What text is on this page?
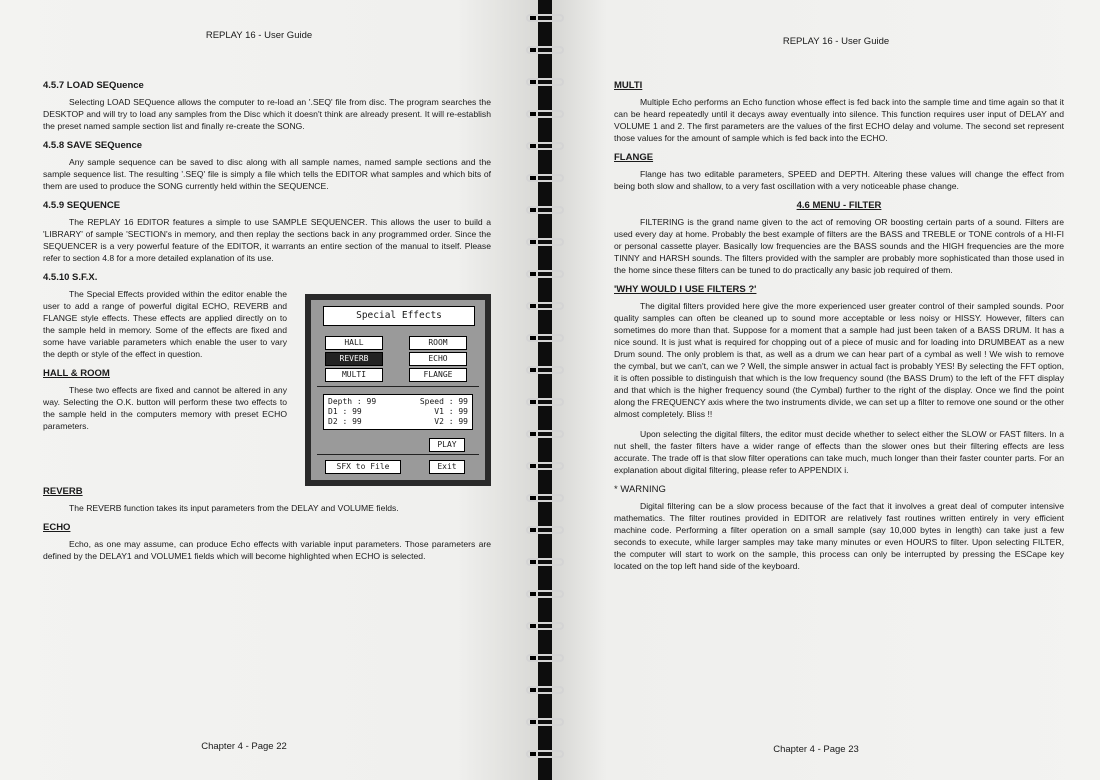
REPLAY 16 - User Guide
4.5.7 LOAD SEQuence

Selecting LOAD SEQuence allows the computer to re-load an '.SEQ' file from disc. The program searches the DESKTOP and will try to load any samples from the Disc which it doesn't think are already present. It will re-establish the preset named sample section list and finally re-create the SONG.

4.5.8 SAVE SEQuence

Any sample sequence can be saved to disc along with all sample names, named sample sections and the sample sequence list. The resulting '.SEQ' file is simply a file which tells the EDITOR what samples and which bits of them are used to produce the SONG currently held within the SEQUENCE.

4.5.9 SEQUENCE

The REPLAY 16 EDITOR features a simple to use SAMPLE SEQUENCER. This allows the user to build a 'LIBRARY' of sample 'SECTION's in memory, and then replay the sections back in any programmed order. Since the SEQUENCER is a very powerful feature of the EDITOR, it warrants an entire section of the manual to itself. Please refer to section 4.8 for a more detailed explanation of its use.

4.5.10 S.F.X.

The Special Effects provided within the editor enable the user to add a range of powerful digital ECHO, REVERB and FLANGE style effects. These effects are applied directly on to the sample held in memory. Some of the effects are fixed and some have variable parameters which enable the user to vary the depth or style of the effect in question.

HALL & ROOM

These two effects are fixed and cannot be altered in any way. Selecting the O.K. button will perform these two effects to the sample held in the computers memory with preset ECHO parameters.

Special Effects
HALL	ROOM
REVERB	ECHO
MULTI	FLANGE
Depth : 99	Speed : 99
D1 : 99	V1 : 99
D2 : 99	V2 : 99
PLAY
SFX to File	Exit
REVERB

The REVERB function takes its input parameters from the DELAY and VOLUME fields.

ECHO

Echo, as one may assume, can produce Echo effects with variable input parameters. Those parameters are defined by the DELAY1 and VOLUME1 fields which will become highlighted when ECHO is selected.

Chapter 4 - Page 22
REPLAY 16 - User Guide
MULTI

Multiple Echo performs an Echo function whose effect is fed back into the sample time and time again so that it can be heard repeatedly until it decays away eventually into silence. This function requires user input of DELAY and VOLUME 1 and 2. The first parameters are the values of the first ECHO delay and volume. The second set represent those values for the amount of sample which is fed back into the ECHO.

FLANGE

Flange has two editable parameters, SPEED and DEPTH. Altering these values will change the effect from being both slow and shallow, to a very fast oscillation with a very noticeable phase change.

4.6 MENU - FILTER

FILTERING is the grand name given to the act of removing OR boosting certain parts of a sound. Filters are used every day at home. Probably the best example of filters are the BASS and TREBLE or TONE controls of a HI-FI or personal cassette player. Basically low frequencies are the BASS sounds and the HIGH frequencies are the more TINNY and HARSH sounds. The filters provided with the sampler are probably more sophisticated than those used in the home since these filters can be tuned to do practically any basic job required of them.

'WHY WOULD I USE FILTERS ?'

The digital filters provided here give the more experienced user greater control of their sampled sounds. Poor quality samples can often be cleaned up to sound more acceptable or less noisy or HISSY. However, filters can sometimes do more than that. Suppose for a moment that a sample had just been taken of a BASS DRUM. It has a nice sound. It is just what is required for chopping out of a piece of music and for loading into DRUMBEAT as a new Drum sound. The only problem is that, as well as a drum we can hear part of a cymbal as well ! We wish to remove the cymbal, but we can't, can we ? Well, the simple answer in actual fact is probably YES! By selecting the FFT option, it is often possible to distinguish that which is the low frequency sound (the BASS Drum) to the left of the FFT display and that which is the higher frequency sound (the Cymbal) further to the right of the display. Once we find the point along the FREQUENCY axis where the two instruments divide, we can set up a filter to remove one sound or the other almost completely. Bliss !!

Upon selecting the digital filters, the editor must decide whether to select either the SLOW or FAST filters. In a nut shell, the faster filters have a wider range of effects than the slower ones but their filtering effects are less accurate. The trade off is that slow filter operations can take much, much longer than their faster counter parts. For an explanation about digital filtering, please refer to APPENDIX i.

* WARNING

Digital filtering can be a slow process because of the fact that it involves a great deal of computer intensive mathematics. The filter routines provided in EDITOR are relatively fast routines written entirely in very efficient machine code. Performing a filter operation on a small sample (say 10,000 bytes in length) can take just a few seconds to execute, while larger samples may take many minutes or even HOURS to filter. Upon selecting FILTER, the computer will start to work on the sample, this process can only be interrupted by pressing the ESCape key located on the top left hand side of the keyboard.

Chapter 4 - Page 23
